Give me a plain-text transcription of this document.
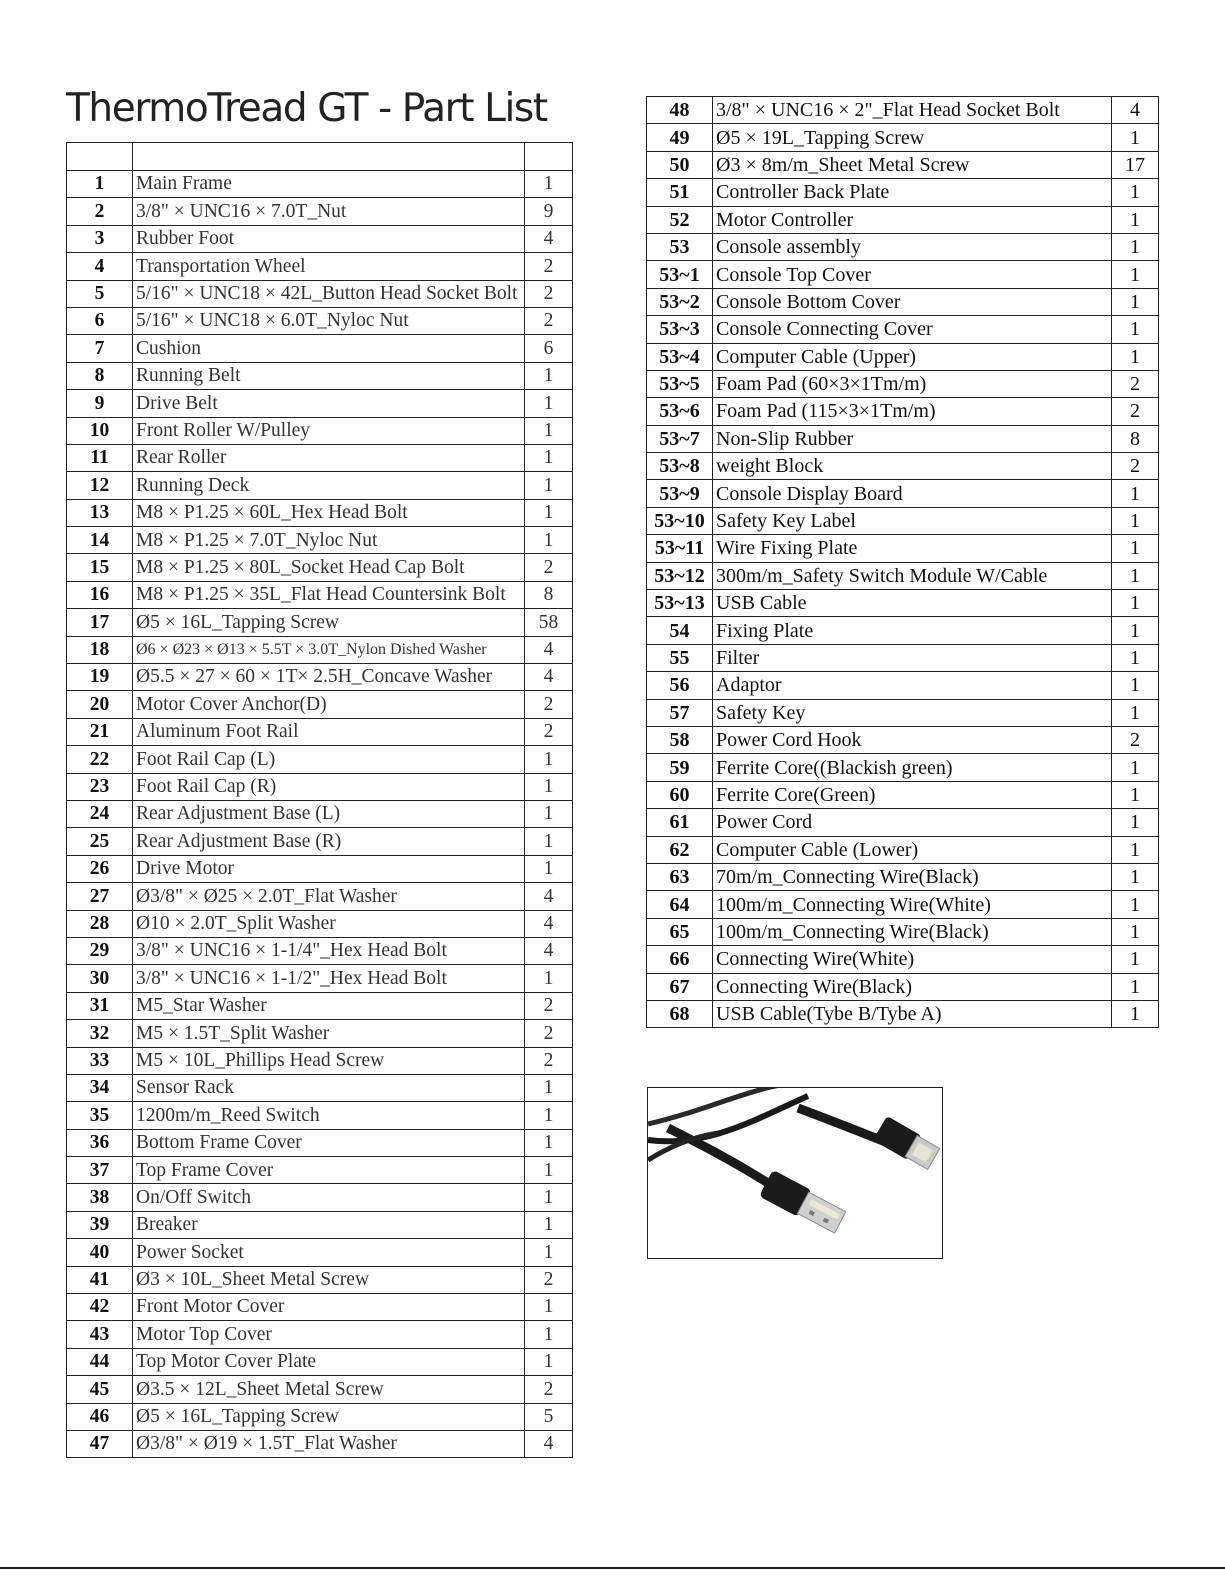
ThermoTread GT - Part List

1	Main Frame	1
2	3/8" × UNC16 × 7.0T_Nut	9
3	Rubber Foot	4
4	Transportation Wheel	2
5	5/16" × UNC18 × 42L_Button Head Socket Bolt	2
6	5/16" × UNC18 × 6.0T_Nyloc Nut	2
7	Cushion	6
8	Running Belt	1
9	Drive Belt	1
10	Front Roller W/Pulley	1
11	Rear Roller	1
12	Running Deck	1
13	M8 × P1.25 × 60L_Hex Head Bolt	1
14	M8 × P1.25 × 7.0T_Nyloc Nut	1
15	M8 × P1.25 × 80L_Socket Head Cap Bolt	2
16	M8 × P1.25 × 35L_Flat Head Countersink Bolt	8
17	Ø5 × 16L_Tapping Screw	58
18	Ø6 × Ø23 × Ø13 × 5.5T × 3.0T_Nylon Dished Washer	4
19	Ø5.5 × 27 × 60 × 1T× 2.5H_Concave Washer	4
20	Motor Cover Anchor(D)	2
21	Aluminum Foot Rail	2
22	Foot Rail Cap (L)	1
23	Foot Rail Cap (R)	1
24	Rear Adjustment Base (L)	1
25	Rear Adjustment Base (R)	1
26	Drive Motor	1
27	Ø3/8" × Ø25 × 2.0T_Flat Washer	4
28	Ø10 × 2.0T_Split Washer	4
29	3/8" × UNC16 × 1-1/4"_Hex Head Bolt	4
30	3/8" × UNC16 × 1-1/2"_Hex Head Bolt	1
31	M5_Star Washer	2
32	M5 × 1.5T_Split Washer	2
33	M5 × 10L_Phillips Head Screw	2
34	Sensor Rack	1
35	1200m/m_Reed Switch	1
36	Bottom Frame Cover	1
37	Top Frame Cover	1
38	On/Off Switch	1
39	Breaker	1
40	Power Socket	1
41	Ø3 × 10L_Sheet Metal Screw	2
42	Front Motor Cover	1
43	Motor Top Cover	1
44	Top Motor Cover Plate	1
45	Ø3.5 × 12L_Sheet Metal Screw	2
46	Ø5 × 16L_Tapping Screw	5
47	Ø3/8" × Ø19 × 1.5T_Flat Washer	4
48	3/8" × UNC16 × 2"_Flat Head Socket Bolt	4
49	Ø5 × 19L_Tapping Screw	1
50	Ø3 × 8m/m_Sheet Metal Screw	17
51	Controller Back Plate	1
52	Motor Controller	1
53	Console assembly	1
53~1	Console Top Cover	1
53~2	Console Bottom Cover	1
53~3	Console Connecting Cover	1
53~4	Computer Cable (Upper)	1
53~5	Foam Pad (60×3×1Tm/m)	2
53~6	Foam Pad (115×3×1Tm/m)	2
53~7	Non-Slip Rubber	8
53~8	weight Block	2
53~9	Console Display Board	1
53~10	Safety Key Label	1
53~11	Wire Fixing Plate	1
53~12	300m/m_Safety Switch Module W/Cable	1
53~13	USB Cable	1
54	Fixing Plate	1
55	Filter	1
56	Adaptor	1
57	Safety Key	1
58	Power Cord Hook	2
59	Ferrite Core((Blackish green)	1
60	Ferrite Core(Green)	1
61	Power Cord	1
62	Computer Cable (Lower)	1
63	70m/m_Connecting Wire(Black)	1
64	100m/m_Connecting Wire(White)	1
65	100m/m_Connecting Wire(Black)	1
66	Connecting Wire(White)	1
67	Connecting Wire(Black)	1
68	USB Cable(Tybe B/Tybe A)	1
